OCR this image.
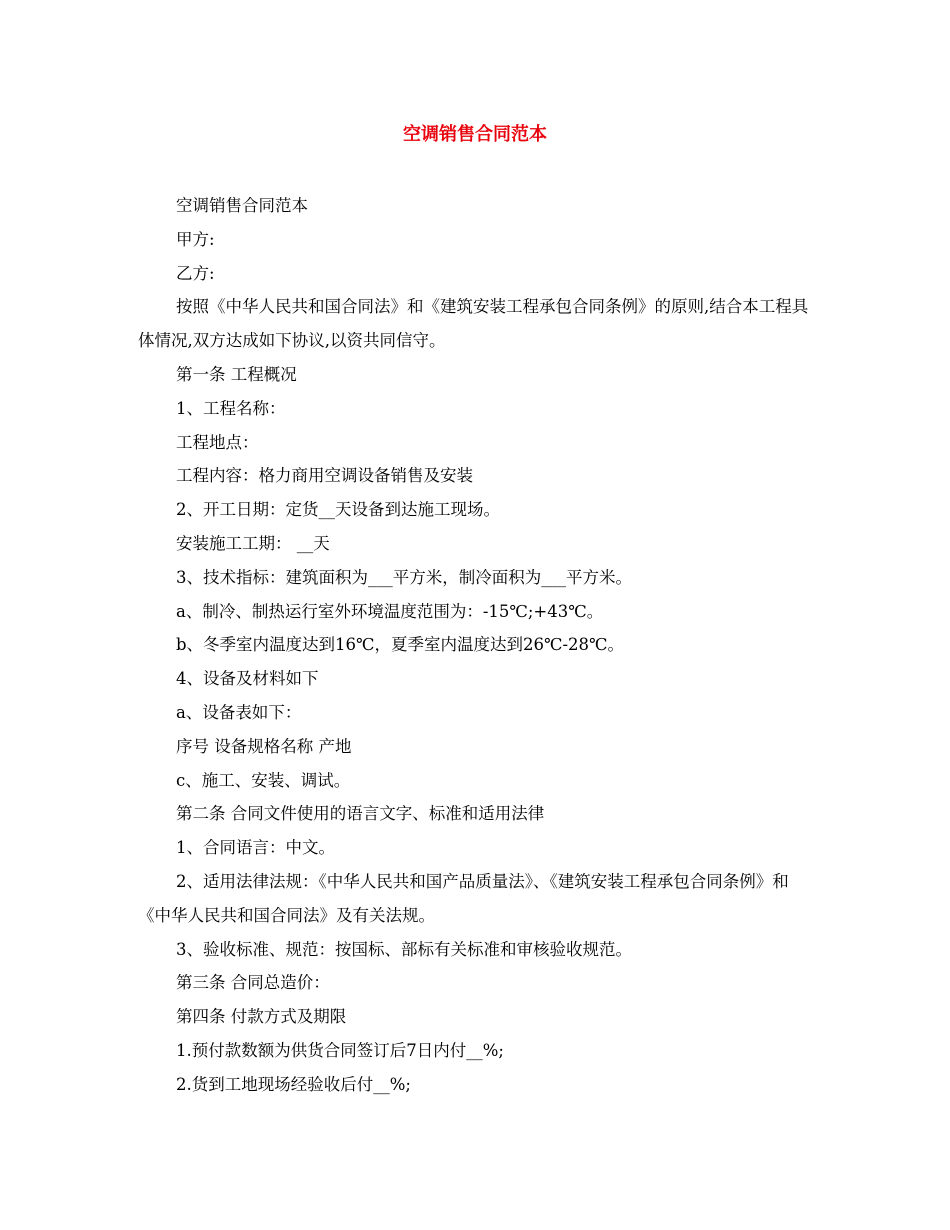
空调销售合同范本

空调销售合同范本

甲方:

乙方:

按照《中华人民共和国合同法》和《建筑安装工程承包合同条例》的原则,结合本工程具体情况,双方达成如下协议,以资共同信守。

第一条 工程概况

1、工程名称：

工程地点：

工程内容：格力商用空调设备销售及安装

2、开工日期：定货__天设备到达施工现场。

安装施工工期： __天

3、技术指标：建筑面积为___平方米，制冷面积为___平方米。

a、制冷、制热运行室外环境温度范围为：-15℃;+43℃。

b、冬季室内温度达到16℃，夏季室内温度达到26℃-28℃。

4、设备及材料如下

a、设备表如下：

序号 设备规格名称 产地

c、施工、安装、调试。

第二条 合同文件使用的语言文字、标准和适用法律

1、合同语言：中文。

2、适用法律法规：《中华人民共和国产品质量法》、《建筑安装工程承包合同条例》和《中华人民共和国合同法》及有关法规。

3、验收标准、规范：按国标、部标有关标准和审核验收规范。

第三条 合同总造价：

第四条 付款方式及期限

1.预付款数额为供货合同签订后7日内付__%;

2.货到工地现场经验收后付__%;
